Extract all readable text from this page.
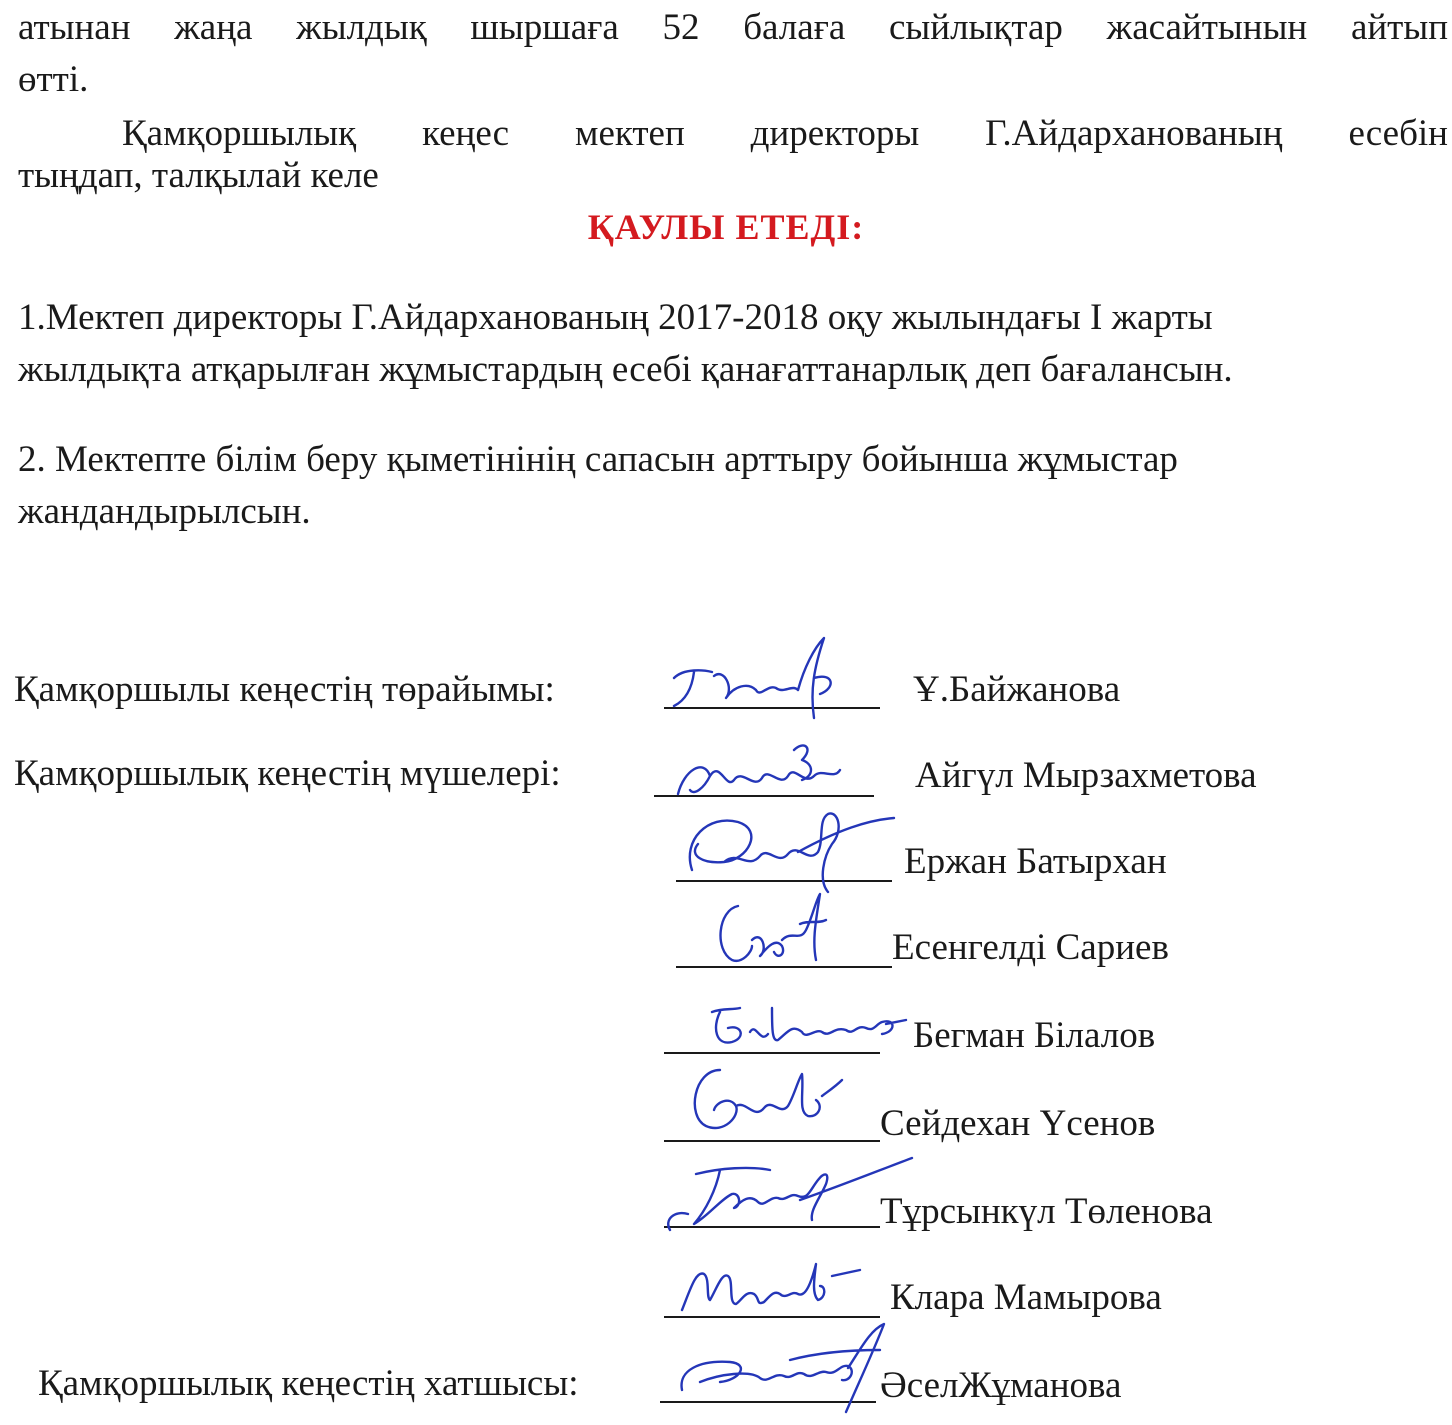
атынан жаңа жылдық шыршаға 52 балаға сыйлықтар жасайтынын айтып
өтті.
Қамқоршылық кеңес мектеп директоры Г.Айдарханованың есебін
тыңдап, талқылай келе
ҚАУЛЫ ЕТЕДІ:
1.Мектеп директоры Г.Айдарханованың 2017-2018 оқу жылындағы І жарты
жылдықта атқарылған жұмыстардың есебі қанағаттанарлық деп бағалансын.
2. Мектепте білім беру қыметінінің сапасын арттыру бойынша жұмыстар
жандандырылсын.
Қамқоршылы кеңестің төрайымы:	Ұ.Байжанова
Қамқоршылық кеңестің мүшелері:	Айгүл Мырзахметова
Ержан Батырхан
Есенгелді Сариев
Бегман Білалов
Сейдехан Үсенов
Тұрсынкүл Төленова
Клара Мамырова
Қамқоршылық кеңестің хатшысы:	ӘселЖұманова
